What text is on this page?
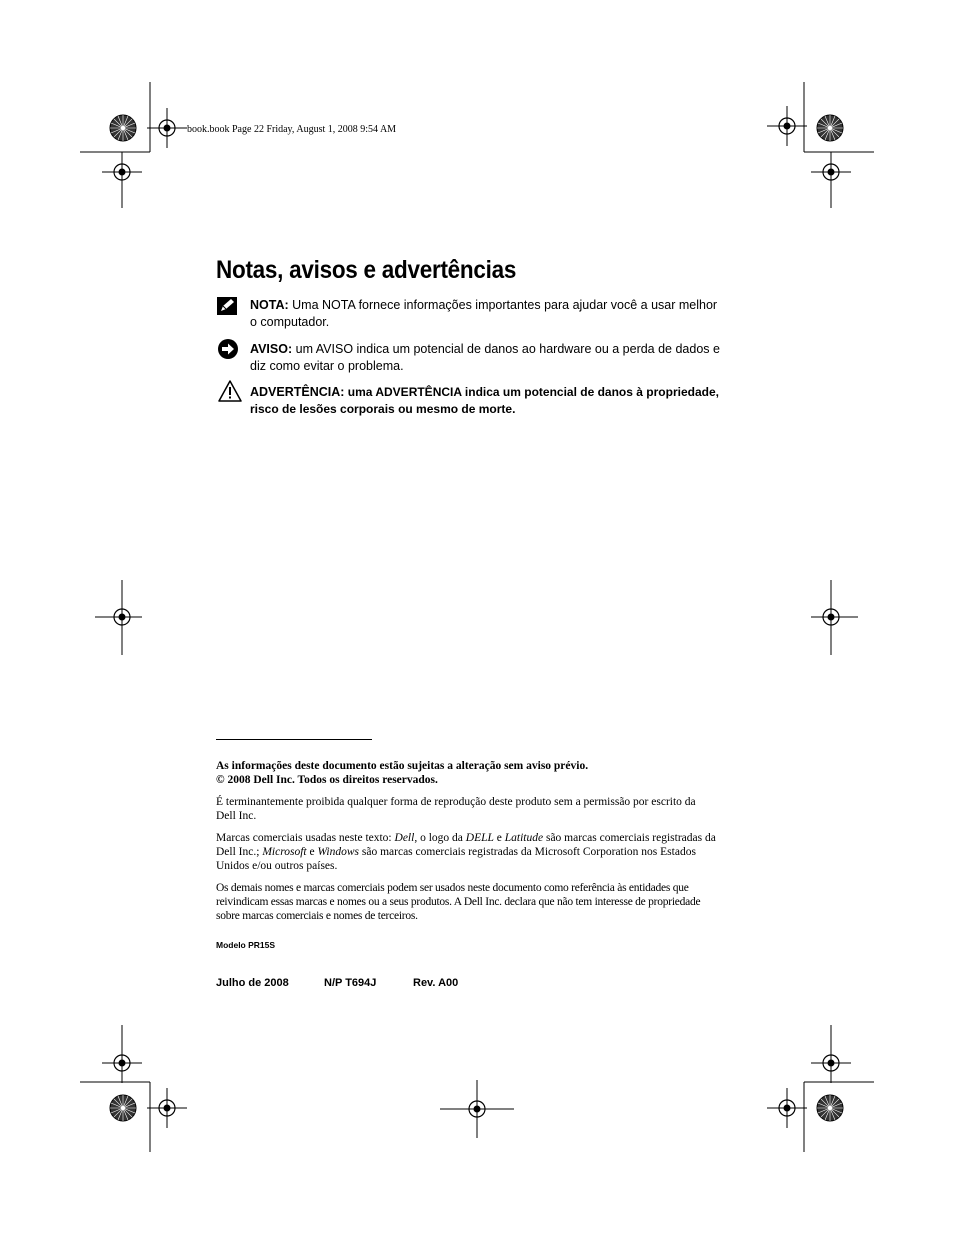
book.book Page 22 Friday, August 1, 2008 9:54 AM
Notas, avisos e advertências
NOTA: Uma NOTA fornece informações importantes para ajudar você a usar melhor o computador.
AVISO: um AVISO indica um potencial de danos ao hardware ou a perda de dados e diz como evitar o problema.
ADVERTÊNCIA: uma ADVERTÊNCIA indica um potencial de danos à propriedade, risco de lesões corporais ou mesmo de morte.

As informações deste documento estão sujeitas a alteração sem aviso prévio.
© 2008 Dell Inc. Todos os direitos reservados.

É terminantemente proibida qualquer forma de reprodução deste produto sem a permissão por escrito da Dell Inc.

Marcas comerciais usadas neste texto: Dell, o logo da DELL e Latitude são marcas comerciais registradas da Dell Inc.; Microsoft e Windows são marcas comerciais registradas da Microsoft Corporation nos Estados Unidos e/ou outros países.

Os demais nomes e marcas comerciais podem ser usados neste documento como referência às entidades que reivindicam essas marcas e nomes ou a seus produtos. A Dell Inc. declara que não tem interesse de propriedade sobre marcas comerciais e nomes de terceiros.

Modelo PR15S
Julho de 2008	N/P T694J	Rev. A00
